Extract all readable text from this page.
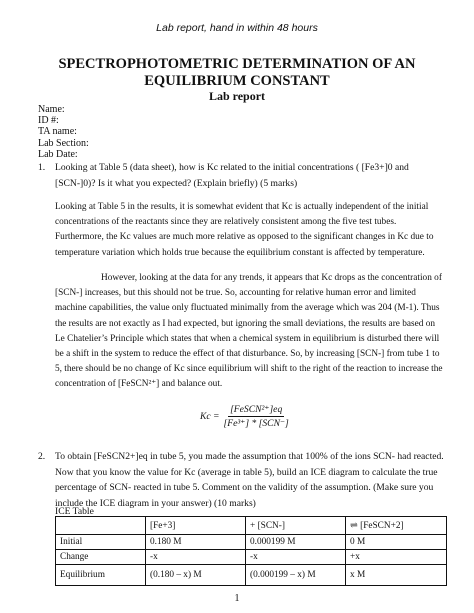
Lab report, hand in within 48 hours
SPECTROPHOTOMETRIC DETERMINATION OF AN
EQUILIBRIUM CONSTANT
Lab report
Name:
ID #:
TA name:
Lab Section:
Lab Date:
1. Looking at Table 5 (data sheet), how is Kc related to the initial concentrations ( [Fe3+]0 and [SCN-]0)? Is it what you expected? (Explain briefly) (5 marks)
Looking at Table 5 in the results, it is somewhat evident that Kc is actually independent of the initial concentrations of the reactants since they are relatively consistent among the five test tubes. Furthermore, the Kc values are much more relative as opposed to the significant changes in Kc due to temperature variation which holds true because the equilibrium constant is affected by temperature.
However, looking at the data for any trends, it appears that Kc drops as the concentration of [SCN-] increases, but this should not be true. So, accounting for relative human error and limited machine capabilities, the value only fluctuated minimally from the average which was 204 (M-1). Thus the results are not exactly as I had expected, but ignoring the small deviations, the results are based on Le Chatelier’s Principle which states that when a chemical system in equilibrium is disturbed there will be a shift in the system to reduce the effect of that disturbance. So, by increasing [SCN-] from tube 1 to 5, there should be no change of Kc since equilibrium will shift to the right of the reaction to increase the concentration of [FeSCN²⁺] and balance out.
$Kc = \frac{\text{[FeSCN²⁺]eq}}{\text{[Fe³⁺] * [SCN⁻]}}$
2. To obtain [FeSCN2+]eq in tube 5, you made the assumption that 100% of the ions SCN- had reacted. Now that you know the value for Kc (average in table 5), build an ICE diagram to calculate the true percentage of SCN- reacted in tube 5. Comment on the validity of the assumption. (Make sure you include the ICE diagram in your answer) (10 marks)
ICE Table
	[Fe+3]	+ [SCN-]	⇌ [FeSCN+2]
Initial	0.180 M	0.000199 M	0 M
Change	-x	-x	+x
Equilibrium	(0.180 – x) M	(0.000199 – x) M	x M
1
